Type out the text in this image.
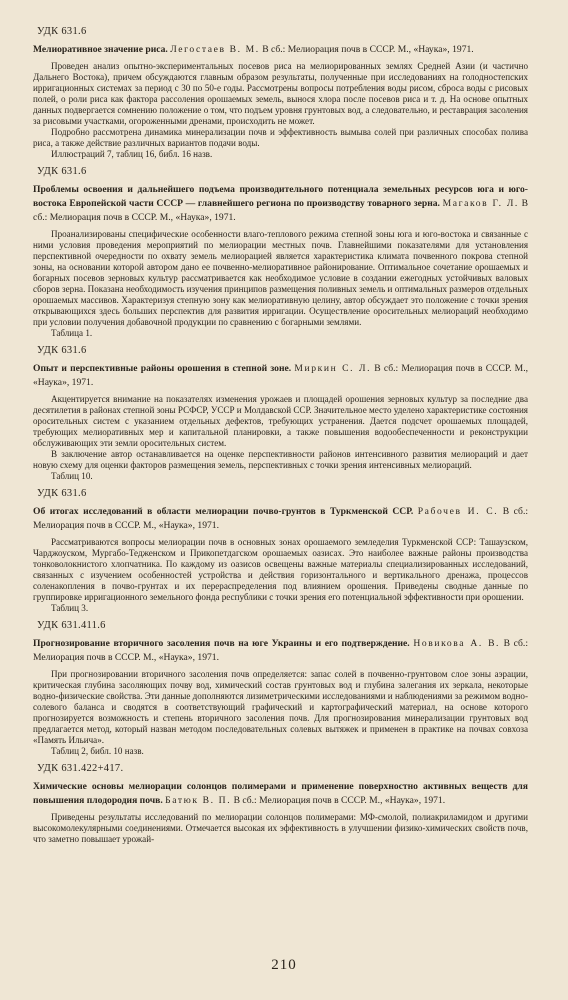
УДК 631.6
Мелиоративное значение риса. Легостаев В. М. В сб.: Мелиорация почв в СССР. М., «Наука», 1971.

Проведен анализ опытно-экспериментальных посевов риса на мелиорированных землях Средней Азии (и частично Дальнего Востока), причем обсуждаются главным образом результаты, полученные при исследованиях на голодностепских ирригационных системах за период с 30 по 50-е годы. Рассмотрены вопросы потребления воды рисом, сброса воды с рисовых полей, о роли риса как фактора рассоления орошаемых земель, вынося хлора после посевов риса и т. д. На основе опытных данных подвергается сомнению положение о том, что подъем уровня грунтовых вод, а следовательно, и реставрация засоления за рисовыми участками, огороженными дренами, происходить не может.

Подробно рассмотрена динамика минерализации почв и эффективность вымыва солей при различных способах полива риса, а также действие различных вариантов подачи воды.

Иллюстраций 7, таблиц 16, библ. 16 назв.

УДК 631.6
Проблемы освоения и дальнейшего подъема производительного потенциала земельных ресурсов юга и юго-востока Европейской части СССР — главнейшего региона по производству товарного зерна. Магаков Г. Л. В сб.: Мелиорация почв в СССР. М., «Наука», 1971.

Проанализированы специфические особенности влаго-теплового режима степной зоны юга и юго-востока и связанные с ними условия проведения мероприятий по мелиорации местных почв. Главнейшими показателями для установления перспективной очередности по охвату земель мелиорацией является характеристика климата почвенного покрова степной зоны, на основании которой автором дано ее почвенно-мелиоративное районирование. Оптимальное сочетание орошаемых и богарных посевов зерновых культур рассматривается как необходимое условие в создании ежегодных устойчивых валовых сборов зерна. Показана необходимость изучения принципов размещения поливных земель и оптимальных размеров отдельных орошаемых массивов. Характеризуя степную зону как мелиоративную целину, автор обсуждает это положение с точки зрения открывающихся здесь больших перспектив для развития ирригации. Осуществление оросительных мелиораций необходимо при условии получения добавочной продукции по сравнению с богарными землями.

Таблица 1.

УДК 631.6
Опыт и перспективные районы орошения в степной зоне. Миркин С. Л. В сб.: Мелиорация почв в СССР. М., «Наука», 1971.

Акцентируется внимание на показателях изменения урожаев и площадей орошения зерновых культур за последние два десятилетия в районах степной зоны РСФСР, УССР и Молдавской ССР. Значительное место уделено характеристике состояния оросительных систем с указанием отдельных дефектов, требующих устранения. Дается подсчет орошаемых площадей, требующих мелиоративных мер и капитальной планировки, а также повышения водообеспеченности и реконструкции обслуживающих эти земли оросительных систем.

В заключение автор останавливается на оценке перспективности районов интенсивного развития мелиораций и дает новую схему для оценки факторов размещения земель, перспективных с точки зрения интенсивных мелиораций.

Таблиц 10.

УДК 631.6
Об итогах исследований в области мелиорации почво-грунтов в Туркменской ССР. Рабочев И. С. В сб.: Мелиорация почв в СССР. М., «Наука», 1971.

Рассматриваются вопросы мелиорации почв в основных зонах орошаемого земледелия Туркменской ССР: Ташаузском, Чарджоуском, Мургабо-Тедженском и Прикопетдагском орошаемых оазисах. Это наиболее важные районы производства тонковолокнистого хлопчатника. По каждому из оазисов освещены важные материалы специализированных исследований, связанных с изучением особенностей устройства и действия горизонтального и вертикального дренажа, процессов соленакопления в почво-грунтах и их перераспределения под влиянием орошения. Приведены сводные данные по группировке ирригационного земельного фонда республики с точки зрения его потенциальной эффективности при орошении.

Таблиц 3.

УДК 631.411.6
Прогнозирование вторичного засоления почв на юге Украины и его подтверждение. Новикова А. В. В сб.: Мелиорация почв в СССР. М., «Наука», 1971.

При прогнозировании вторичного засоления почв определяется: запас солей в почвенно-грунтовом слое зоны аэрации, критическая глубина засоляющих почву вод, химический состав грунтовых вод и глубина залегания их зеркала, некоторые водно-физические свойства. Эти данные дополняются лизиметрическими исследованиями и наблюдениями за режимом водно-солевого баланса и сводятся в соответствующий графический и картографический материал, на основе которого прогнозируется возможность и степень вторичного засоления почв. Для прогнозирования минерализации грунтовых вод предлагается метод, который назван методом последовательных солевых вытяжек и применен в практике на почвах совхоза «Память Ильича».

Таблиц 2, библ. 10 назв.

УДК 631.422+417.
Химические основы мелиорации солонцов полимерами и применение поверхностно активных веществ для повышения плодородия почв. Батюк В. П. В сб.: Мелиорация почв в СССР. М., «Наука», 1971.

Приведены результаты исследований по мелиорации солонцов полимерами: МФ-смолой, полиакриламидом и другими высокомолекулярными соединениями. Отмечается высокая их эффективность в улучшении физико-химических свойств почв, что заметно повышает урожай-

210
